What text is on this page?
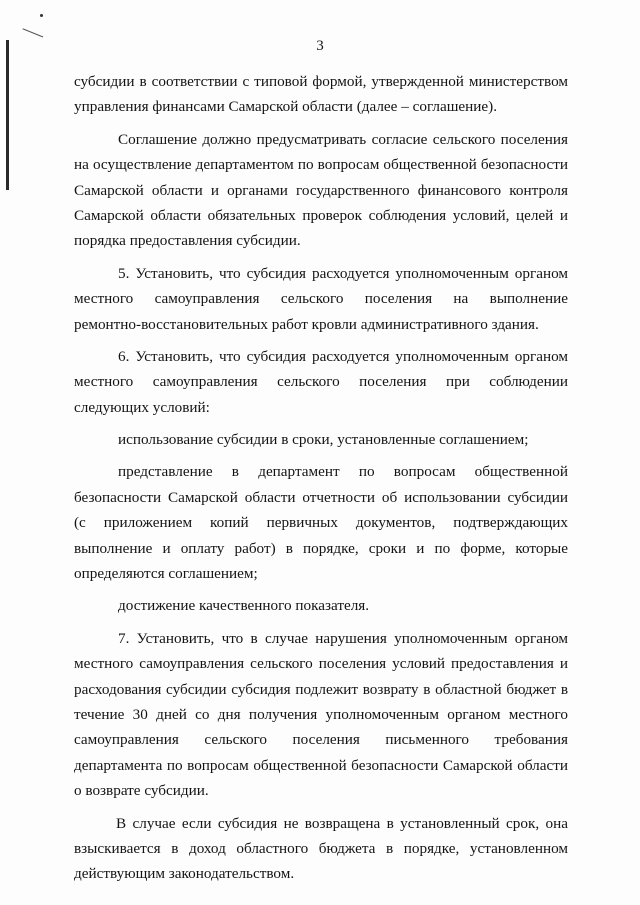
3
субсидии в соответствии с типовой формой, утвержденной министерством
управления финансами Самарской области (далее – соглашение).
Соглашение должно предусматривать согласие сельского поселения
на осуществление департаментом по вопросам общественной безопасности
Самарской области и органами государственного финансового контроля
Самарской области обязательных проверок соблюдения условий, целей и
порядка предоставления субсидии.
5. Установить, что субсидия расходуется уполномоченным органом
местного самоуправления сельского поселения на выполнение
ремонтно-восстановительных работ кровли административного здания.
6. Установить, что субсидия расходуется уполномоченным органом
местного самоуправления сельского поселения при соблюдении
следующих условий:
использование субсидии в сроки, установленные соглашением;
представление в департамент по вопросам общественной
безопасности Самарской области отчетности об использовании субсидии
(с приложением копий первичных документов, подтверждающих
выполнение и оплату работ) в порядке, сроки и по форме, которые
определяются соглашением;
достижение качественного показателя.
7. Установить, что в случае нарушения уполномоченным органом
местного самоуправления сельского поселения условий предоставления и
расходования субсидии субсидия подлежит возврату в областной бюджет в
течение 30 дней со дня получения уполномоченным органом местного
самоуправления сельского поселения письменного требования
департамента по вопросам общественной безопасности Самарской области
о возврате субсидии.
В случае если субсидия не возвращена в установленный срок, она
взыскивается в доход областного бюджета в порядке, установленном
действующим законодательством.
